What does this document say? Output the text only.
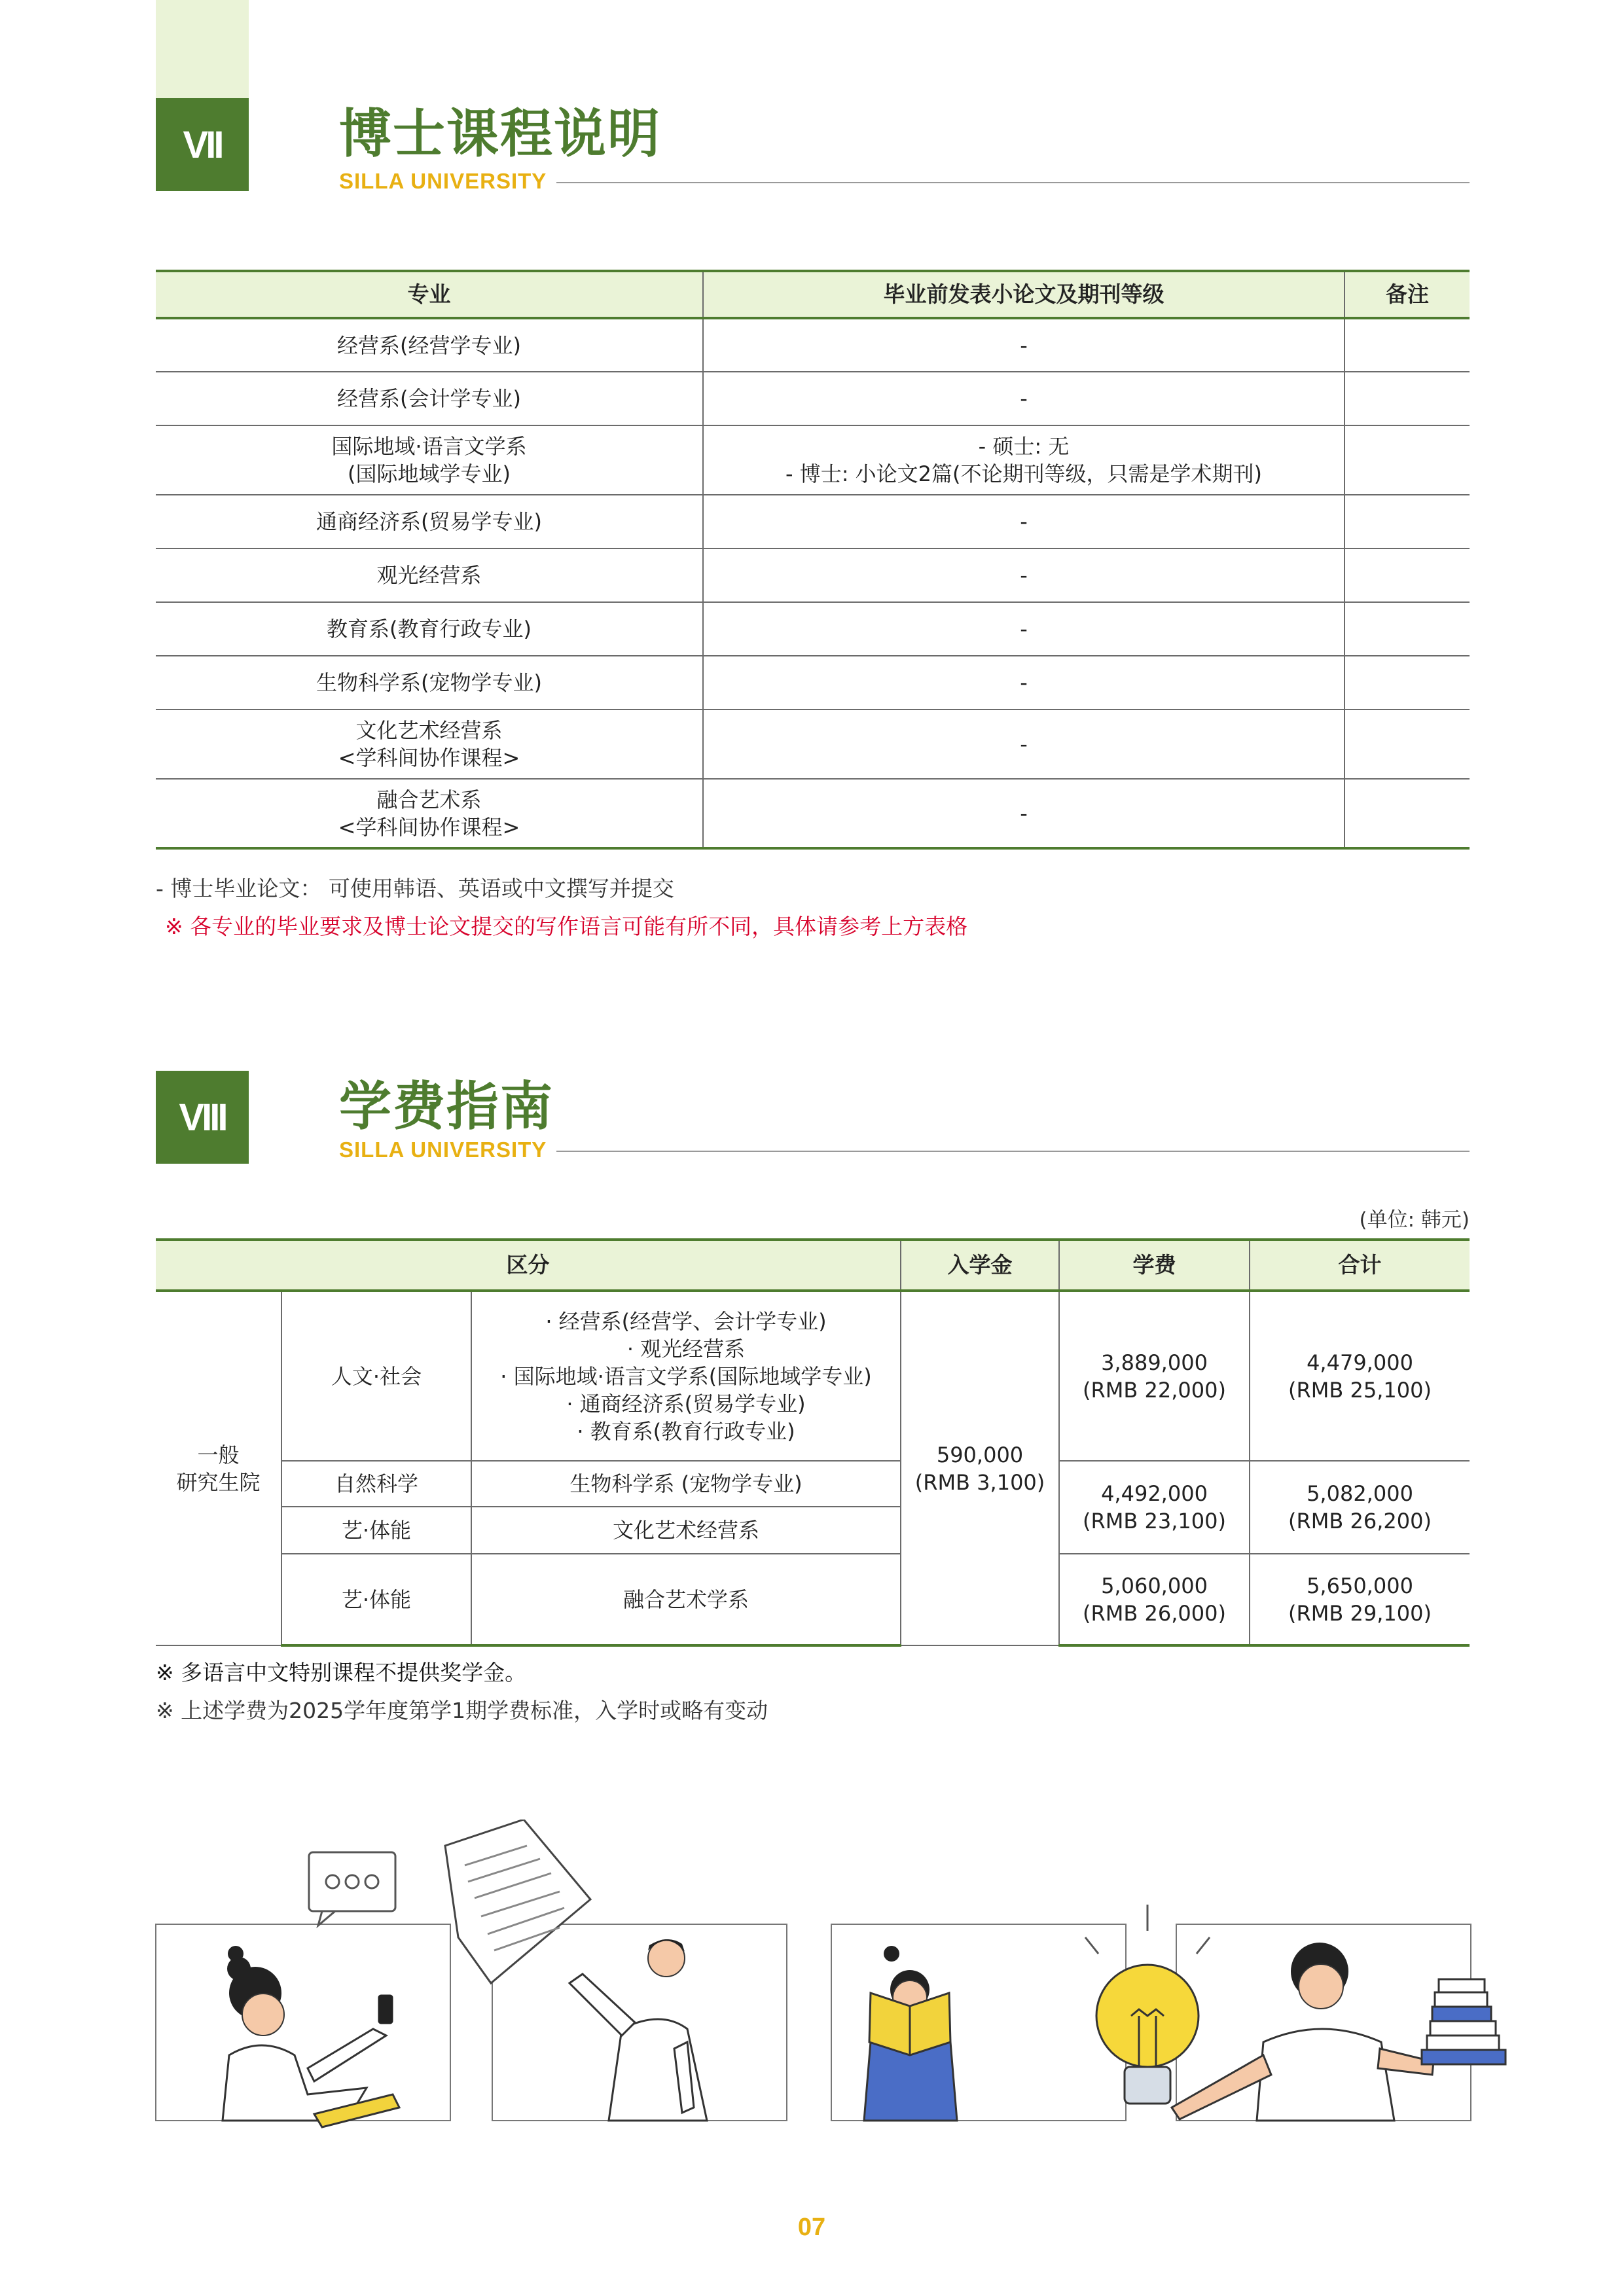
VII	博士课程说明
SILLA UNIVERSITY
专业	毕业前发表小论文及期刊等级	备注
经营系(经营学专业)	-	
经营系(会计学专业)	-	

国际地域·语言文学系
(国际地域学专业)	- 硕士: 无
- 博士: 小论文2篇(不论期刊等级，只需是学术期刊)	

通商经济系(贸易学专业)	-	
观光经营系	-	
教育系(教育行政专业)	-	
生物科学系(宠物学专业)	-	

文化艺术经营系
<学科间协作课程>	-	

融合艺术系
<学科间协作课程>	-	
- 博士毕业论文： 可使用韩语、英语或中文撰写并提交
※ 各专业的毕业要求及博士论文提交的写作语言可能有所不同，具体请参考上方表格
VIII	学费指南
SILLA UNIVERSITY
(单位: 韩元)
区分			入学金	学费	合计

一般
研究生院	人文·社会	· 经营系(经营学、会计学专业)
· 观光经营系
· 国际地域·语言文学系(国际地域学专业)
· 通商经济系(贸易学专业)
· 教育系(教育行政专业)	590,000
(RMB 3,100)	3,889,000
(RMB 22,000)	4,479,000
(RMB 25,100)

	自然科学	生物科学系 (宠物学专业)		4,492,000
(RMB 23,100)	5,082,000
(RMB 26,200)

	艺·体能	文化艺术经营系			
	艺·体能	融合艺术学系		5,060,000
(RMB 26,000)	5,650,000
(RMB 29,100)
※ 多语言中文特别课程不提供奖学金。
※ 上述学费为2025学年度第学1期学费标准，入学时或略有变动
07
